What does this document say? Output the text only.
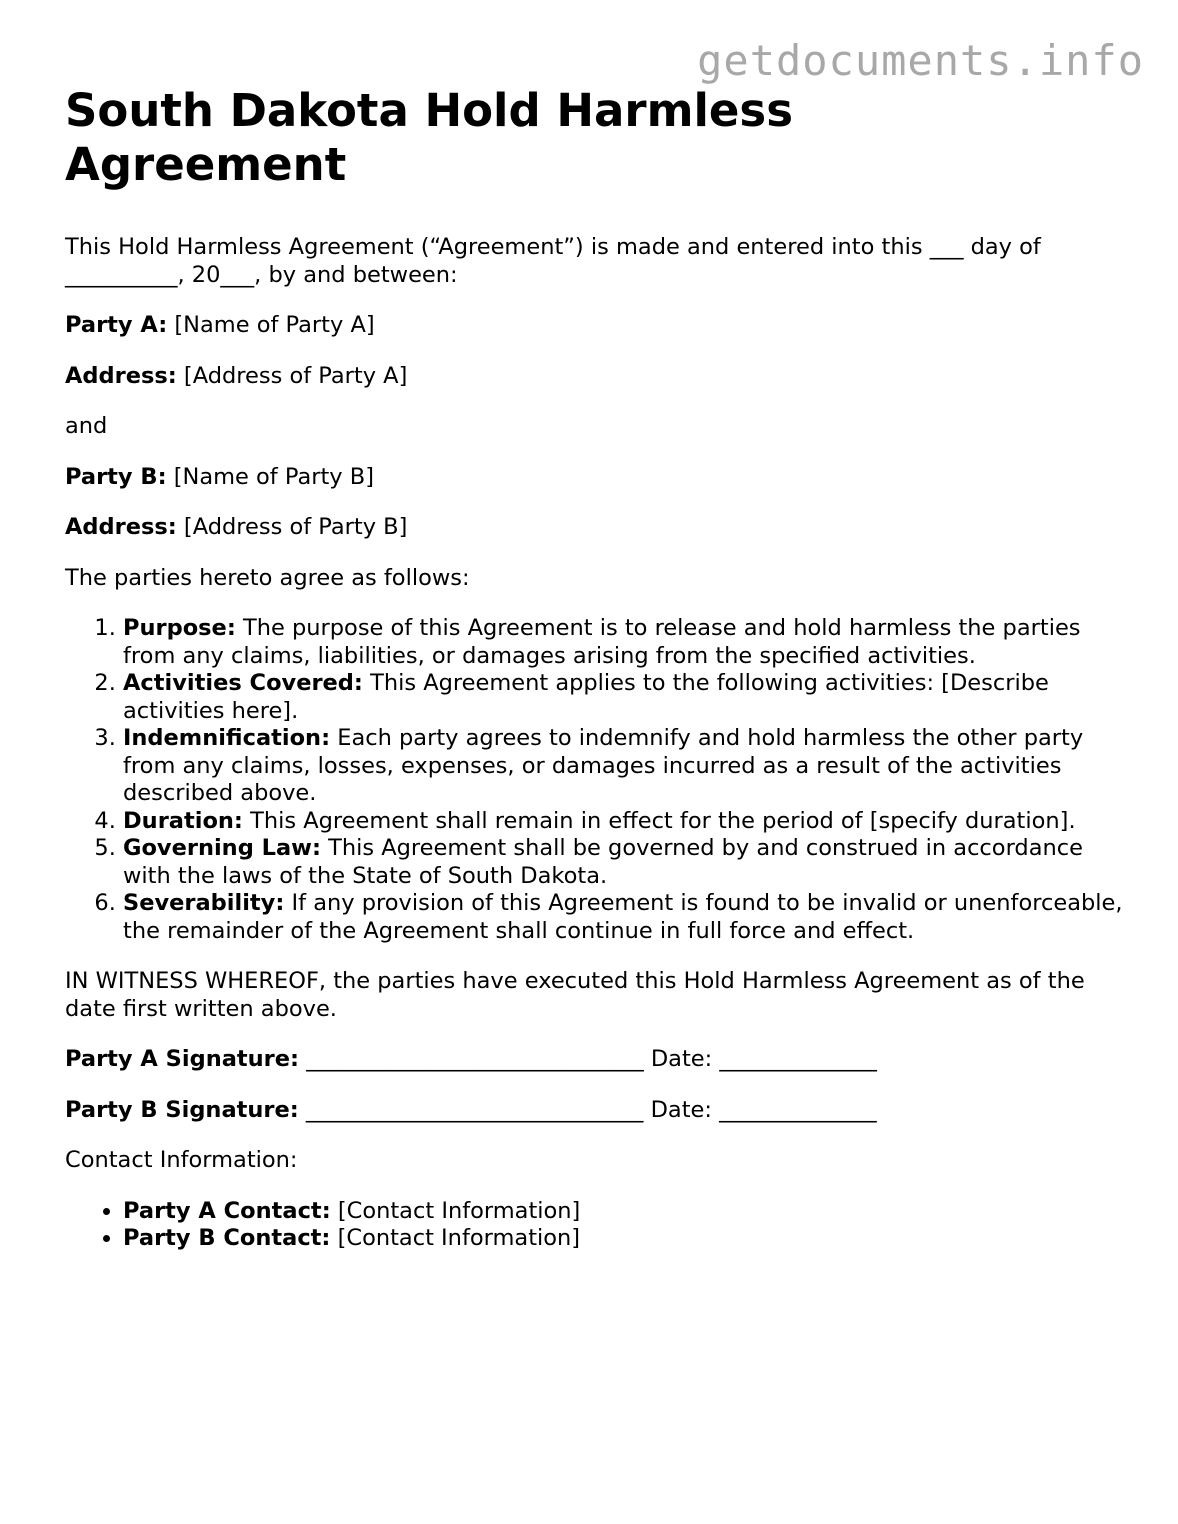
getdocuments.info
South Dakota Hold Harmless Agreement

This Hold Harmless Agreement (“Agreement”) is made and entered into this ___ day of __________, 20___, by and between:

Party A: [Name of Party A]

Address: [Address of Party A]

and

Party B: [Name of Party B]

Address: [Address of Party B]

The parties hereto agree as follows:

1. Purpose: The purpose of this Agreement is to release and hold harmless the parties from any claims, liabilities, or damages arising from the specified activities.
2. Activities Covered: This Agreement applies to the following activities: [Describe activities here].
3. Indemnification: Each party agrees to indemnify and hold harmless the other party from any claims, losses, expenses, or damages incurred as a result of the activities described above.
4. Duration: This Agreement shall remain in effect for the period of [specify duration].
5. Governing Law: This Agreement shall be governed by and construed in accordance with the laws of the State of South Dakota.
6. Severability: If any provision of this Agreement is found to be invalid or unenforceable, the remainder of the Agreement shall continue in full force and effect.

IN WITNESS WHEREOF, the parties have executed this Hold Harmless Agreement as of the date first written above.

Party A Signature: ______________________________ Date: ______________

Party B Signature: ______________________________ Date: ______________

Contact Information:

• Party A Contact: [Contact Information]
• Party B Contact: [Contact Information]
